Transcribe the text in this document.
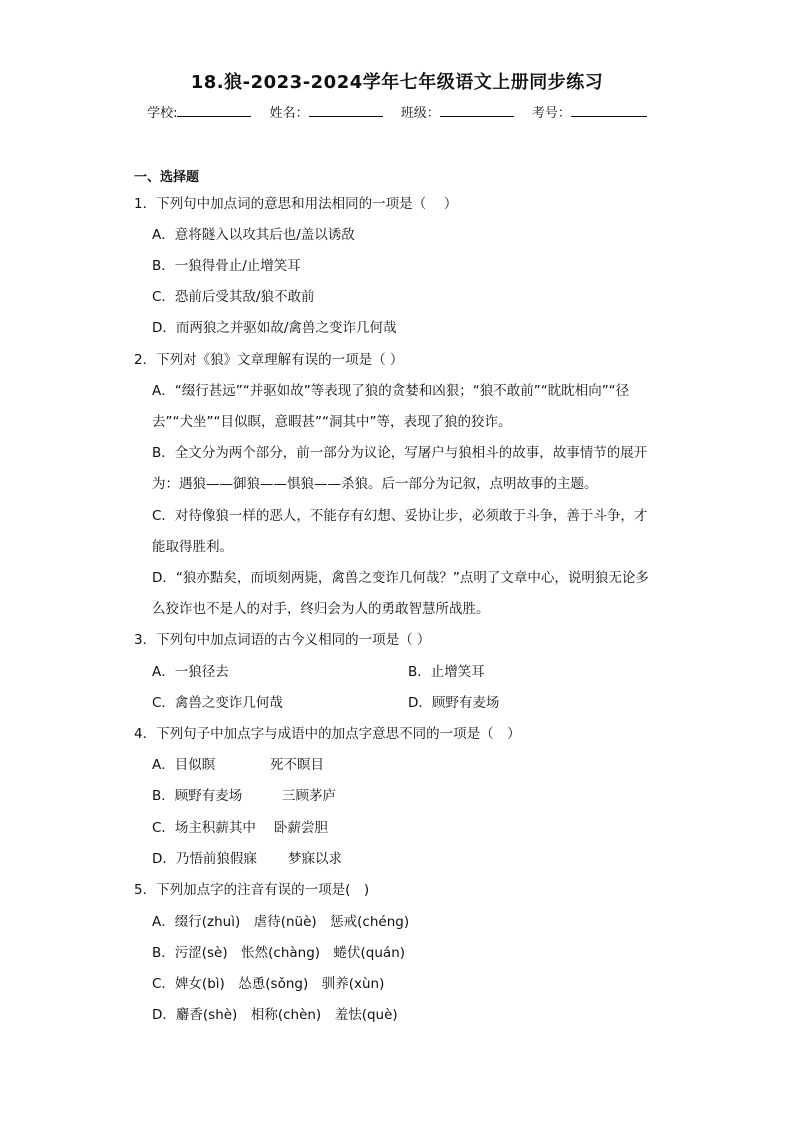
18.狼-2023-2024学年七年级语文上册同步练习
学校:	姓名：	班级：	考号：
一、选择题
1．下列句中加点词的意思和用法相同的一项是（　 ）
A．意将隧入以攻其后也/盖以诱敌
B．一狼得骨止/止增笑耳
C．恐前后受其敌/狼不敢前
D．而两狼之并驱如故/禽兽之变诈几何哉
2．下列对《狼》文章理解有误的一项是（ ）
A．“缀行甚远”“并驱如故”等表现了狼的贪婪和凶狠；“狼不敢前”“眈眈相向”“径
去”“犬坐”“目似瞑，意暇甚”“洞其中”等，表现了狼的狡诈。
B．全文分为两个部分，前一部分为议论，写屠户与狼相斗的故事，故事情节的展开
为：遇狼——御狼——惧狼——杀狼。后一部分为记叙，点明故事的主题。
C．对待像狼一样的恶人，不能存有幻想、妥协让步，必须敢于斗争，善于斗争，才
能取得胜利。
D．“狼亦黠矣，而顷刻两毙，禽兽之变诈几何哉？”点明了文章中心，说明狼无论多
么狡诈也不是人的对手，终归会为人的勇敢智慧所战胜。
3．下列句中加点词语的古今义相同的一项是（ ）
A．一狼径去	B．止增笑耳
C．禽兽之变诈几何哉	D．顾野有麦场
4．下列句子中加点字与成语中的加点字意思不同的一项是（　）
A．目似瞑	死不瞑目
B．顾野有麦场	三顾茅庐
C．场主积薪其中 卧薪尝胆
D．乃悟前狼假寐 梦寐以求
5．下列加点字的注音有误的一项是(　)
A．缀行(zhuì)　虐待(nüè)　惩戒(chéng)
B．污涩(sè)　怅然(chàng)　蜷伏(quán)
C．婢女(bì)　怂恿(sǒng)　驯养(xùn)
D．麝香(shè)　相称(chèn)　羞怯(què)
